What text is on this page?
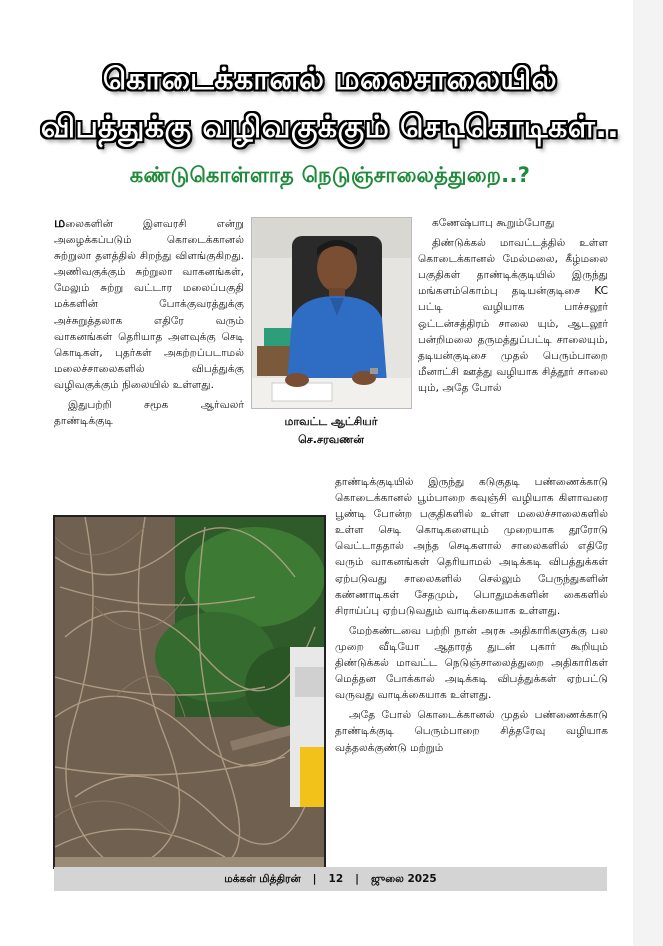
கொடைக்கானல் மலைசாலையில்
விபத்துக்கு வழிவகுக்கும் செடிகொடிகள்..
கண்டுகொள்ளாத நெடுஞ்சாலைத்துறை..?

மலைகளின் இளவரசி என்று அழைக்கப்படும் கொடைக்கானல் சுற்றுலா தளத்தில் சிறந்து விளங்குகிறது. அணிவகுக்கும் சுற்றுலா வாகனங்கள், மேலும் சுற்று வட்டார மலைப்பகுதி மக்களின் போக்குவரத்துக்கு அச்சுறுத்தலாக எதிரே வரும் வாகனங்கள் தெரியாத அளவுக்கு செடி கொடிகள், புதர்கள் அகற்றப்படாமல் மலைச்சாலைகளில் விபத்துக்கு வழிவகுக்கும் நிலையில் உள்ளது.

இதுபற்றி சமூக ஆர்வலர் தாண்டிக்குடி	மாவட்ட ஆட்சியர்
செ.சரவணன்

கணேஷ்பாபு கூறும்போது

திண்டுக்கல் மாவட்டத்தில் உள்ள கொடைக்கானல் மேல்மலை, கீழ்மலை பகுதிகள் தாண்டிக்குடியில் இருந்து மங்களம்கொம்பு தடியன்குடிசை KC பட்டி வழியாக பாச்சலூர் ஒட்டன்சத்திரம் சாலை யும், ஆடலூர் பன்றிமலை தருமத்துப்பட்டி சாலையும், தடியன்குடிசை முதல் பெரும்பாறை மீனாட்சி ஊத்து வழியாக சித்தூர் சாலை யும், அதே போல்

தாண்டிக்குடியில் இருந்து கடுகுதடி பண்ணைக்காடு கொடைக்கானல் பூம்பாறை கவுஞ்சி வழியாக கிளாவரை பூண்டி போன்ற பகுதிகளில் உள்ள மலைச்சாலைகளில் உள்ள செடி கொடிகளையும் முறையாக தூரோடு வெட்டாததால் அந்த செடிகளால் சாலைகளில் எதிரே வரும் வாகனங்கள் தெரியாமல் அடிக்கடி விபத்துக்கள் ஏற்படுவது சாலைகளில் செல்லும் பேருந்துகளின் கண்ணாடிகள் சேதமும், பொதுமக்களின் கைகளில் சிராய்ப்பு ஏற்படுவதும் வாடிக்கையாக உள்ளது.

மேற்கண்டவை பற்றி நான் அரசு அதிகாரிகளுக்கு பல முறை வீடியோ ஆதாரத் துடன் புகார் கூறியும் திண்டுக்கல் மாவட்ட நெடுஞ்சாலைத்துறை அதிகாரிகள் மெத்தன போக்கால் அடிக்கடி விபத்துக்கள் ஏற்பட்டு வருவது வாடிக்கையாக உள்ளது.

அதே போல் கொடைக்கானல் முதல் பண்ணைக்காடு தாண்டிக்குடி பெரும்பாறை சித்தரேவு வழியாக வத்தலக்குண்டு மற்றும்

மக்கள் மித்திரன் | 12 | ஜுலை 2025
